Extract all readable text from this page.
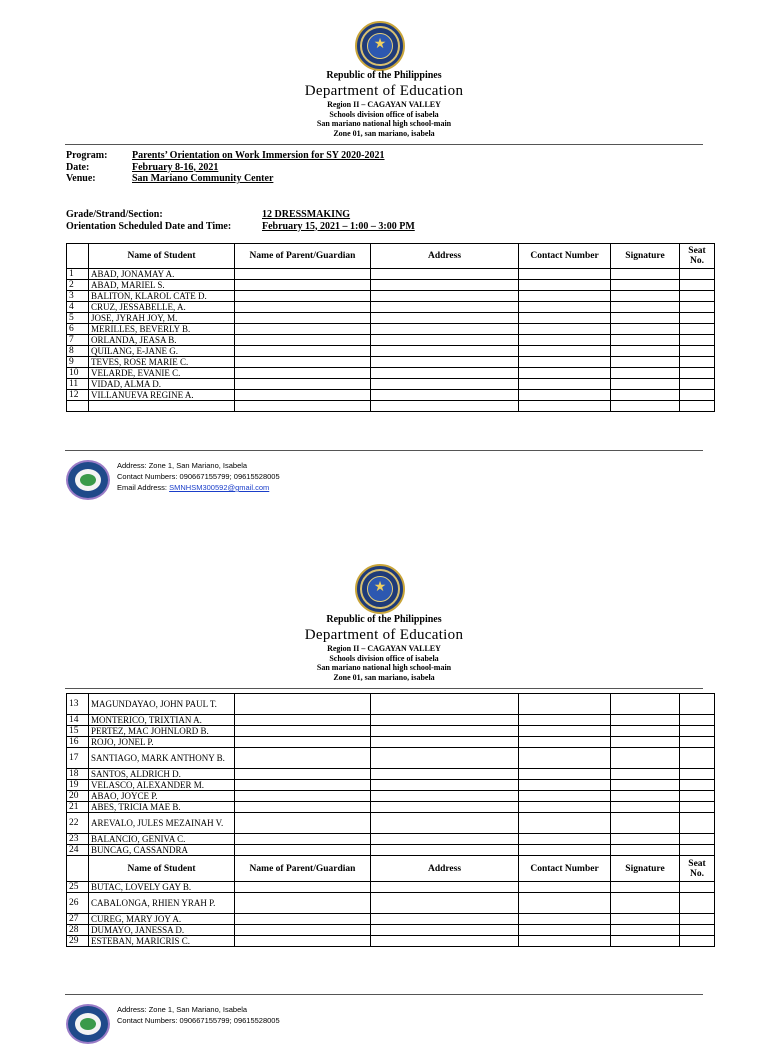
★
Republic of the Philippines
Department of Education
Region II – CAGAYAN VALLEY
Schools division office of isabela
San mariano national high school-main
Zone 01, san mariano, isabela
Program:	Parents’ Orientation on Work Immersion for SY 2020-2021
Date:	February 8-16, 2021
Venue:	San Mariano Community Center
Grade/Strand/Section:	12 DRESSMAKING
Orientation Scheduled Date and Time:	February 15, 2021 – 1:00 – 3:00 PM
	Name of Student	Name of Parent/Guardian	Address	Contact Number	Signature	Seat No.
1	ABAD, JONAMAY A.					
2	ABAD, MARIEL S.					
3	BALITON, KLAROL CATE D.					
4	CRUZ, JESSABELLE, A.					
5	JOSE, JYRAH JOY, M.					
6	MERILLES, BEVERLY B.					
7	ORLANDA, JEASA B.					
8	QUILANG, E-JANE G.					
9	TEVES, ROSE MARIE C.					
10	VELARDE, EVANIE C.					
11	VIDAD, ALMA D.					
12	VILLANUEVA REGINE A.					

Address: Zone 1, San Mariano, Isabela
Contact Numbers: 090667155799; 09615528005
Email Address: SMNHSM300592@gmail.com
★
Republic of the Philippines
Department of Education
Region II – CAGAYAN VALLEY
Schools division office of isabela
San mariano national high school-main
Zone 01, san mariano, isabela
13	MAGUNDAYAO, JOHN PAUL T.					
14	MONTERICO, TRIXTIAN A.					
15	PERTEZ, MAC JOHNLORD B.					
16	ROJO, JONEL P.					
17	SANTIAGO, MARK ANTHONY B.					
18	SANTOS, ALDRICH D.					
19	VELASCO, ALEXANDER M.					
20	ABAO, JOYCE P.					
21	ABES, TRICIA MAE B.					
22	AREVALO, JULES MEZAINAH V.					
23	BALANCIO, GENIVA C.					
24	BUNCAG, CASSANDRA					
	Name of Student	Name of Parent/Guardian	Address	Contact Number	Signature	Seat No.
25	BUTAC, LOVELY GAY B.					
26	CABALONGA, RHIEN YRAH P.					
27	CUREG, MARY JOY A.					
28	DUMAYO, JANESSA D.					
29	ESTEBAN, MARICRIS C.					
Address: Zone 1, San Mariano, Isabela
Contact Numbers: 090667155799; 09615528005
